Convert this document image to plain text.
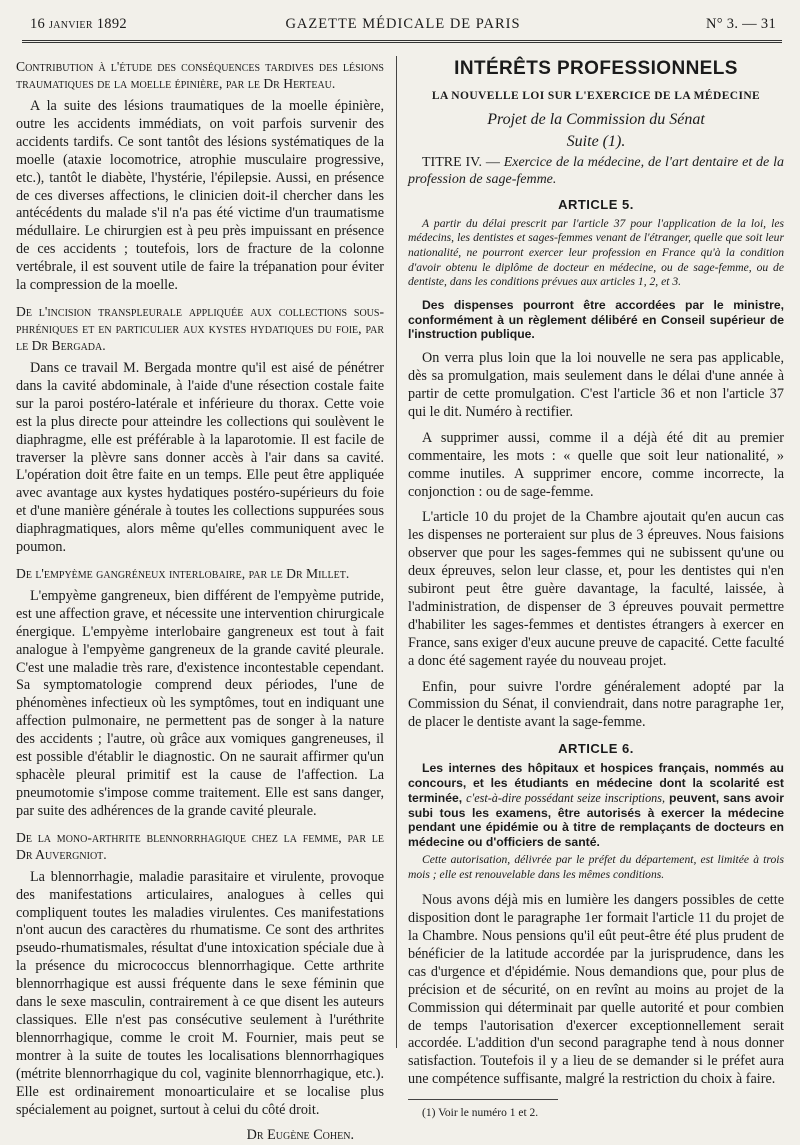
16 janvier 1892	GAZETTE MÉDICALE DE PARIS	N° 3. — 31

Contribution à l'étude des conséquences tardives des lésions traumatiques de la moelle épinière, par le Dr Herteau.

A la suite des lésions traumatiques de la moelle épinière, outre les accidents immédiats, on voit parfois survenir des accidents tardifs. Ce sont tantôt des lésions systématiques de la moelle (ataxie locomotrice, atrophie musculaire progressive, etc.), tantôt le diabète, l'hystérie, l'épilepsie. Aussi, en présence de ces diverses affections, le clinicien doit-il chercher dans les antécédents du malade s'il n'a pas été victime d'un traumatisme médullaire. Le chirurgien est à peu près impuissant en présence de ces accidents ; toutefois, lors de fracture de la colonne vertébrale, il est souvent utile de faire la trépanation pour éviter la compression de la moelle.

De l'incision transpleurale appliquée aux collections sous-phréniques et en particulier aux kystes hydatiques du foie, par le Dr Bergada.

Dans ce travail M. Bergada montre qu'il est aisé de pénétrer dans la cavité abdominale, à l'aide d'une résection costale faite sur la paroi postéro-latérale et inférieure du thorax. Cette voie est la plus directe pour atteindre les collections qui soulèvent le diaphragme, elle est préférable à la laparotomie. Il est facile de traverser la plèvre sans donner accès à l'air dans sa cavité. L'opération doit être faite en un temps. Elle peut être appliquée avec avantage aux kystes hydatiques postéro-supérieurs du foie et d'une manière générale à toutes les collections suppurées sous diaphragmatiques, alors même qu'elles communiquent avec le poumon.

De l'empyème gangréneux interlobaire, par le Dr Millet.

L'empyème gangreneux, bien différent de l'empyème putride, est une affection grave, et nécessite une intervention chirurgicale énergique. L'empyème interlobaire gangreneux est tout à fait analogue à l'empyème gangreneux de la grande cavité pleurale. C'est une maladie très rare, d'existence incontestable cependant. Sa symptomatologie comprend deux périodes, l'une de phénomènes infectieux où les symptômes, tout en indiquant une affection pulmonaire, ne permettent pas de songer à la nature des accidents ; l'autre, où grâce aux vomiques gangreneuses, il est possible d'établir le diagnostic. On ne saurait affirmer qu'un sphacèle pleural primitif est la cause de l'affection. La pneumotomie s'impose comme traitement. Elle est sans danger, par suite des adhérences de la grande cavité pleurale.

De la mono-arthrite blennorrhagique chez la femme, par le Dr Auvergniot.

La blennorrhagie, maladie parasitaire et virulente, provoque des manifestations articulaires, analogues à celles qui compliquent toutes les maladies virulentes. Ces manifestations n'ont aucun des caractères du rhumatisme. Ce sont des arthrites pseudo-rhumatismales, résultat d'une intoxication spéciale due à la présence du micrococcus blennorrhagique. Cette arthrite blennorrhagique est aussi fréquente dans le sexe féminin que dans le sexe masculin, contrairement à ce que disent les auteurs classiques. Elle n'est pas consécutive seulement à l'uréthrite blennorrhagique, comme le croit M. Fournier, mais peut se montrer à la suite de toutes les localisations blennorrhagiques (métrite blennorrhagique du col, vaginite blennorrhagique, etc.). Elle est ordinairement monoarticulaire et se localise plus spécialement au poignet, surtout à celui du côté droit.

Dr Eugène Cohen.

INTÉRÊTS PROFESSIONNELS
LA NOUVELLE LOI SUR L'EXERCICE DE LA MÉDECINE
Projet de la Commission du Sénat
Suite (1).

TITRE IV. — Exercice de la médecine, de l'art dentaire et de la profession de sage-femme.

ARTICLE 5.

A partir du délai prescrit par l'article 37 pour l'application de la loi, les médecins, les dentistes et sages-femmes venant de l'étranger, quelle que soit leur nationalité, ne pourront exercer leur profession en France qu'à la condition d'avoir obtenu le diplôme de docteur en médecine, ou de sage-femme, ou de dentiste, dans les conditions prévues aux articles 1, 2, et 3.

Des dispenses pourront être accordées par le ministre, conformément à un règlement délibéré en Conseil supérieur de l'instruction publique.

On verra plus loin que la loi nouvelle ne sera pas applicable, dès sa promulgation, mais seulement dans le délai d'une année à partir de cette promulgation. C'est l'article 36 et non l'article 37 qui le dit. Numéro à rectifier.

A supprimer aussi, comme il a déjà été dit au premier commentaire, les mots : « quelle que soit leur nationalité, » comme inutiles. A supprimer encore, comme incorrecte, la conjonction : ou de sage-femme.

L'article 10 du projet de la Chambre ajoutait qu'en aucun cas les dispenses ne porteraient sur plus de 3 épreuves. Nous faisions observer que pour les sages-femmes qui ne subissent qu'une ou deux épreuves, selon leur classe, et, pour les dentistes qui n'en subiront peut être guère davantage, la faculté, laissée, à l'administration, de dispenser de 3 épreuves pouvait permettre d'habiliter les sages-femmes et dentistes étrangers à exercer en France, sans exiger d'eux aucune preuve de capacité. Cette faculté a donc été sagement rayée du nouveau projet.

Enfin, pour suivre l'ordre généralement adopté par la Commission du Sénat, il conviendrait, dans notre paragraphe 1er, de placer le dentiste avant la sage-femme.

ARTICLE 6.

Les internes des hôpitaux et hospices français, nommés au concours, et les étudiants en médecine dont la scolarité est terminée, c'est-à-dire possédant seize inscriptions, peuvent, sans avoir subi tous les examens, être autorisés à exercer la médecine pendant une épidémie ou à titre de remplaçants de docteurs en médecine ou d'officiers de santé.

Cette autorisation, délivrée par le préfet du département, est limitée à trois mois ; elle est renouvelable dans les mêmes conditions.

Nous avons déjà mis en lumière les dangers possibles de cette disposition dont le paragraphe 1er formait l'article 11 du projet de la Chambre. Nous pensions qu'il eût peut-être été plus prudent de bénéficier de la latitude accordée par la jurisprudence, dans les cas d'urgence et d'épidémie. Nous demandions que, pour plus de précision et de sécurité, on en revînt au moins au projet de la Commission qui déterminait par quelle autorité et pour combien de temps l'autorisation d'exercer exceptionnellement serait accordée. L'addition d'un second paragraphe tend à nous donner satisfaction. Toutefois il y a lieu de se demander si le préfet aura une compétence suffisante, malgré la restriction du choix à faire.

(1) Voir le numéro 1 et 2.
